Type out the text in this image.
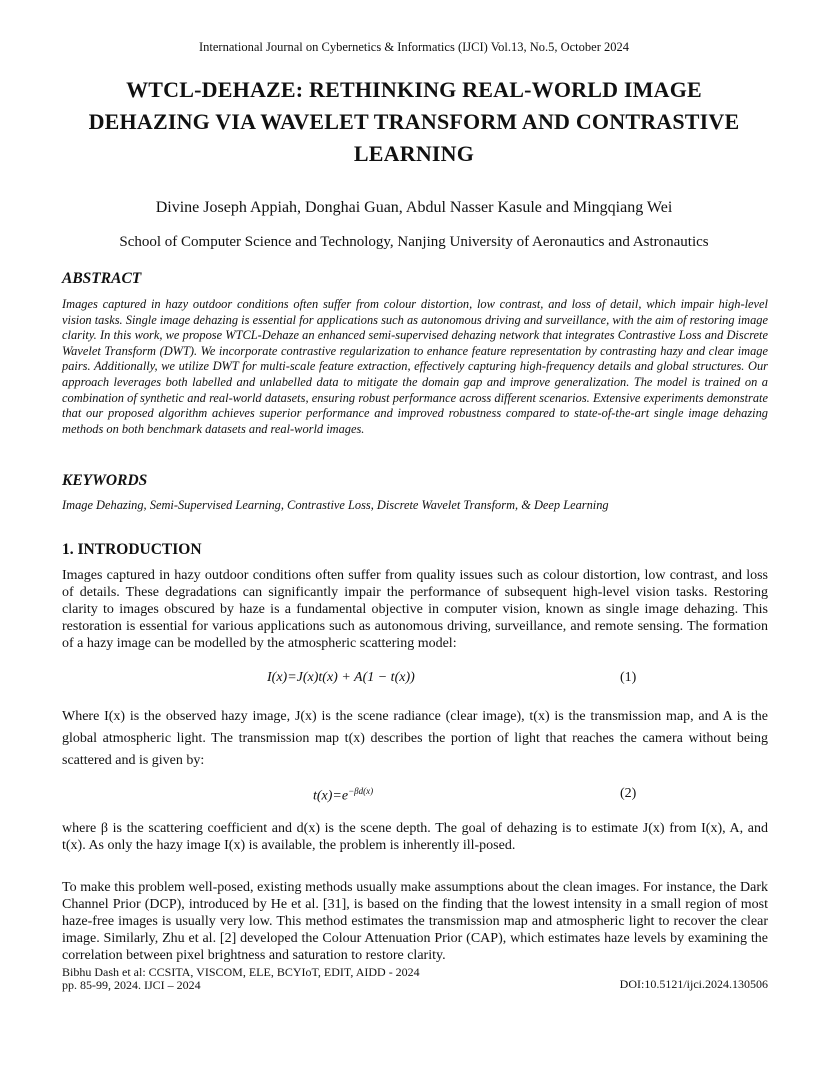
International Journal on Cybernetics & Informatics (IJCI) Vol.13, No.5, October 2024
WTCL-DEHAZE: RETHINKING REAL-WORLD IMAGE
DEHAZING VIA WAVELET TRANSFORM AND CONTRASTIVE
LEARNING
Divine Joseph Appiah, Donghai Guan, Abdul Nasser Kasule and Mingqiang Wei
School of Computer Science and Technology, Nanjing University of Aeronautics and Astronautics
ABSTRACT
Images captured in hazy outdoor conditions often suffer from colour distortion, low contrast, and loss of detail, which impair high-level vision tasks. Single image dehazing is essential for applications such as autonomous driving and surveillance, with the aim of restoring image clarity. In this work, we propose WTCL-Dehaze an enhanced semi-supervised dehazing network that integrates Contrastive Loss and Discrete Wavelet Transform (DWT). We incorporate contrastive regularization to enhance feature representation by contrasting hazy and clear image pairs. Additionally, we utilize DWT for multi-scale feature extraction, effectively capturing high-frequency details and global structures. Our approach leverages both labelled and unlabelled data to mitigate the domain gap and improve generalization. The model is trained on a combination of synthetic and real-world datasets, ensuring robust performance across different scenarios. Extensive experiments demonstrate that our proposed algorithm achieves superior performance and improved robustness compared to state-of-the-art single image dehazing methods on both benchmark datasets and real-world images.
KEYWORDS
Image Dehazing, Semi-Supervised Learning, Contrastive Loss, Discrete Wavelet Transform, & Deep Learning
1. INTRODUCTION
Images captured in hazy outdoor conditions often suffer from quality issues such as colour distortion, low contrast, and loss of details. These degradations can significantly impair the performance of subsequent high-level vision tasks. Restoring clarity to images obscured by haze is a fundamental objective in computer vision, known as single image dehazing. This restoration is essential for various applications such as autonomous driving, surveillance, and remote sensing. The formation of a hazy image can be modelled by the atmospheric scattering model:
I(x)=J(x)t(x) + A(1 − t(x))	(1)
Where I(x) is the observed hazy image, J(x) is the scene radiance (clear image), t(x) is the transmission map, and A is the global atmospheric light. The transmission map t(x) describes the portion of light that reaches the camera without being scattered and is given by:
$t(x)=e^{-\beta d(x)}$	(2)
where β is the scattering coefficient and d(x) is the scene depth. The goal of dehazing is to estimate J(x) from I(x), A, and t(x). As only the hazy image I(x) is available, the problem is inherently ill-posed.
To make this problem well-posed, existing methods usually make assumptions about the clean images. For instance, the Dark Channel Prior (DCP), introduced by He et al. [31], is based on the finding that the lowest intensity in a small region of most haze-free images is usually very low. This method estimates the transmission map and atmospheric light to recover the clear image. Similarly, Zhu et al. [2] developed the Colour Attenuation Prior (CAP), which estimates haze levels by examining the correlation between pixel brightness and saturation to restore clarity.
Bibhu Dash et al: CCSITA, VISCOM, ELE, BCYIoT, EDIT, AIDD - 2024
pp. 85-99, 2024. IJCI – 2024	DOI:10.5121/ijci.2024.130506
